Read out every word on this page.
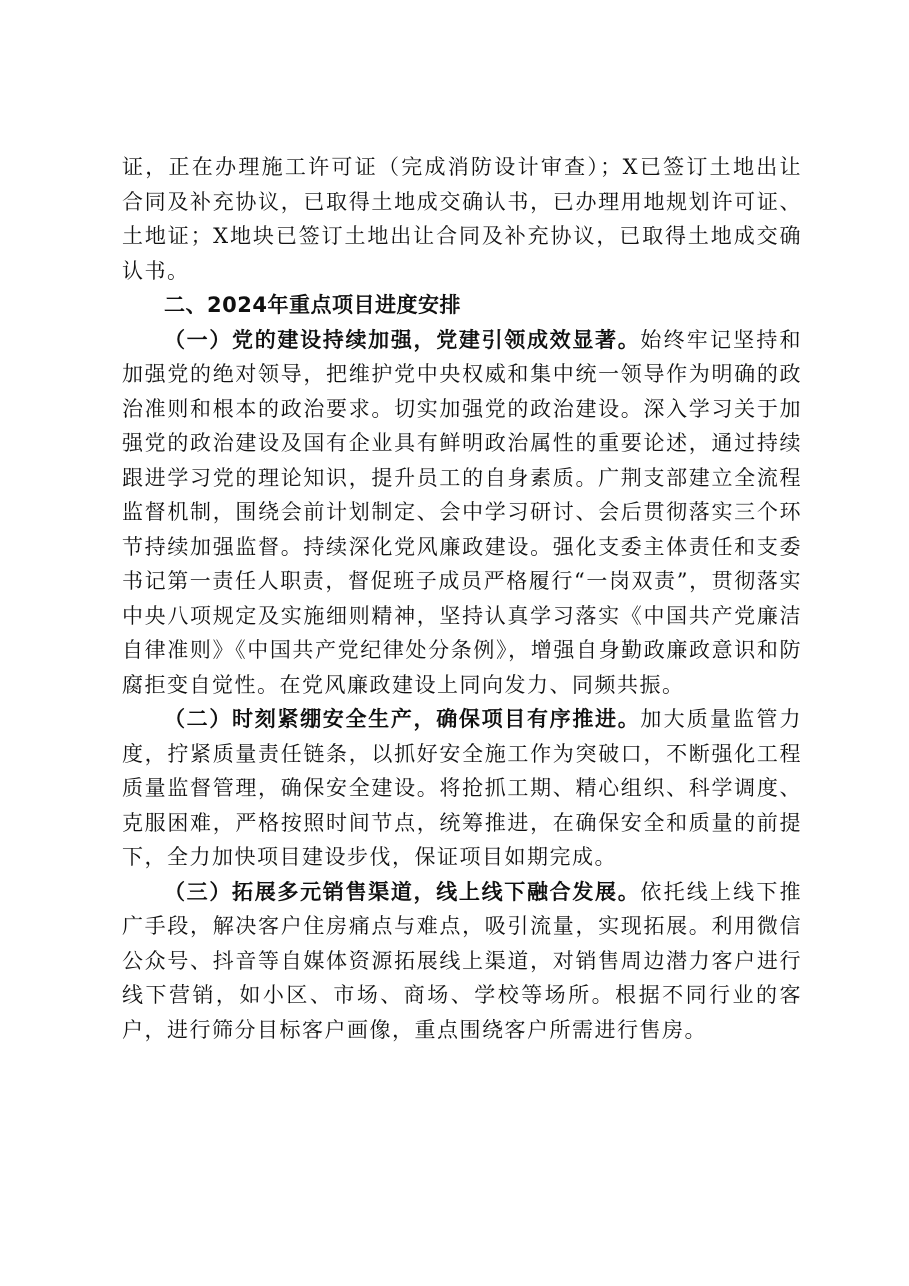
证，正在办理施工许可证（完成消防设计审查）；X已签订土地出让合同及补充协议，已取得土地成交确认书，已办理用地规划许可证、土地证；X地块已签订土地出让合同及补充协议，已取得土地成交确认书。

二、2024年重点项目进度安排

（一）党的建设持续加强，党建引领成效显著。始终牢记坚持和加强党的绝对领导，把维护党中央权威和集中统一领导作为明确的政治准则和根本的政治要求。切实加强党的政治建设。深入学习关于加强党的政治建设及国有企业具有鲜明政治属性的重要论述，通过持续跟进学习党的理论知识，提升员工的自身素质。广荆支部建立全流程监督机制，围绕会前计划制定、会中学习研讨、会后贯彻落实三个环节持续加强监督。持续深化党风廉政建设。强化支委主体责任和支委书记第一责任人职责，督促班子成员严格履行“一岗双责”，贯彻落实中央八项规定及实施细则精神，坚持认真学习落实《中国共产党廉洁自律准则》《中国共产党纪律处分条例》，增强自身勤政廉政意识和防腐拒变自觉性。在党风廉政建设上同向发力、同频共振。

（二）时刻紧绷安全生产，确保项目有序推进。加大质量监管力度，拧紧质量责任链条，以抓好安全施工作为突破口，不断强化工程质量监督管理，确保安全建设。将抢抓工期、精心组织、科学调度、克服困难，严格按照时间节点，统筹推进，在确保安全和质量的前提下，全力加快项目建设步伐，保证项目如期完成。

（三）拓展多元销售渠道，线上线下融合发展。依托线上线下推广手段，解决客户住房痛点与难点，吸引流量，实现拓展。利用微信公众号、抖音等自媒体资源拓展线上渠道，对销售周边潜力客户进行线下营销，如小区、市场、商场、学校等场所。根据不同行业的客户，进行筛分目标客户画像，重点围绕客户所需进行售房。
